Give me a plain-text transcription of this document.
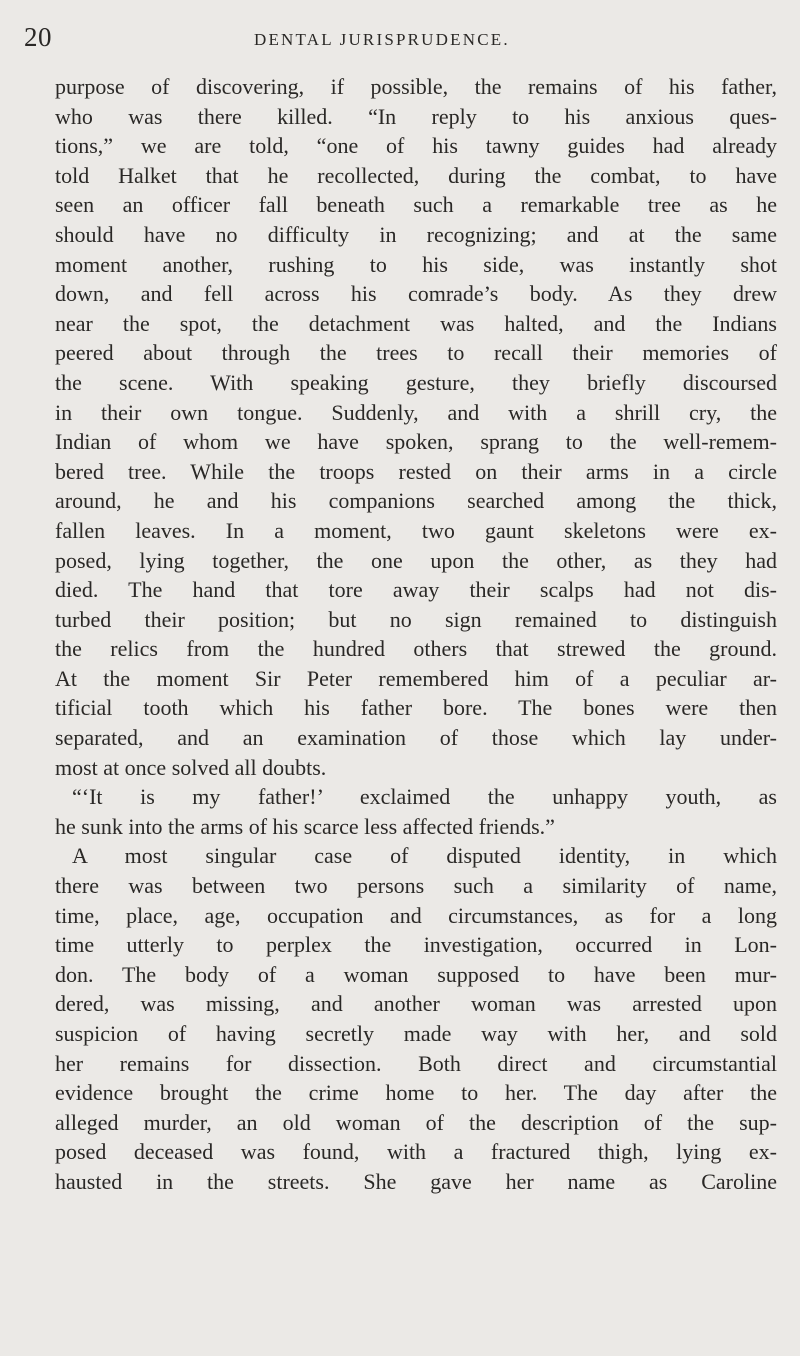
20	DENTAL JURISPRUDENCE.
purpose of discovering, if possible, the remains of his father,
who was there killed. “In reply to his anxious ques-
tions,” we are told, “one of his tawny guides had already
told Halket that he recollected, during the combat, to have
seen an officer fall beneath such a remarkable tree as he
should have no difficulty in recognizing; and at the same
moment another, rushing to his side, was instantly shot
down, and fell across his comrade’s body. As they drew
near the spot, the detachment was halted, and the Indians
peered about through the trees to recall their memories of
the scene. With speaking gesture, they briefly discoursed
in their own tongue. Suddenly, and with a shrill cry, the
Indian of whom we have spoken, sprang to the well-remem-
bered tree. While the troops rested on their arms in a circle
around, he and his companions searched among the thick,
fallen leaves. In a moment, two gaunt skeletons were ex-
posed, lying together, the one upon the other, as they had
died. The hand that tore away their scalps had not dis-
turbed their position; but no sign remained to distinguish
the relics from the hundred others that strewed the ground.
At the moment Sir Peter remembered him of a peculiar ar-
tificial tooth which his father bore. The bones were then
separated, and an examination of those which lay under-
most at once solved all doubts.
“‘It is my father!’ exclaimed the unhappy youth, as
he sunk into the arms of his scarce less affected friends.”
A most singular case of disputed identity, in which
there was between two persons such a similarity of name,
time, place, age, occupation and circumstances, as for a long
time utterly to perplex the investigation, occurred in Lon-
don. The body of a woman supposed to have been mur-
dered, was missing, and another woman was arrested upon
suspicion of having secretly made way with her, and sold
her remains for dissection. Both direct and circumstantial
evidence brought the crime home to her. The day after the
alleged murder, an old woman of the description of the sup-
posed deceased was found, with a fractured thigh, lying ex-
hausted in the streets. She gave her name as Caroline
